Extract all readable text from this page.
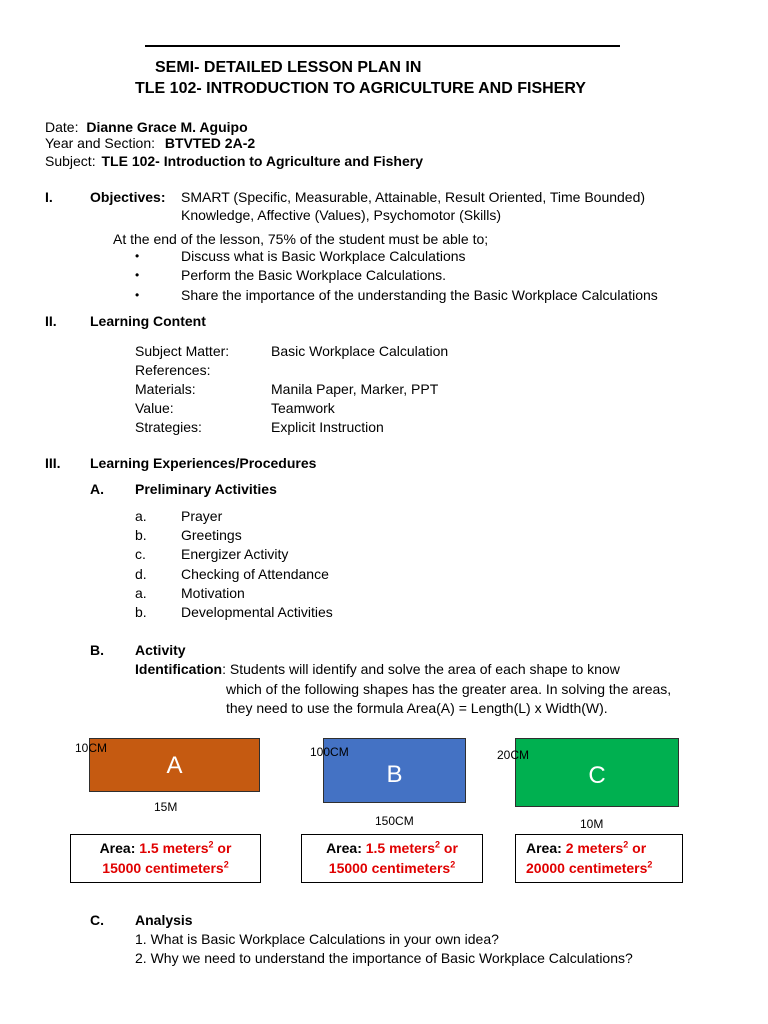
SEMI- DETAILED LESSON PLAN IN
TLE 102- INTRODUCTION TO AGRICULTURE AND FISHERY
Date: Dianne Grace M. Aguipo
Year and Section: BTVTED 2A-2
Subject: TLE 102- Introduction to Agriculture and Fishery
I.	Objectives: SMART (Specific, Measurable, Attainable, Result Oriented, Time Bounded)
Knowledge, Affective (Values), Psychomotor (Skills)
At the end of the lesson, 75% of the student must be able to;
•	Discuss what is Basic Workplace Calculations
•	Perform the Basic Workplace Calculations.
•	Share the importance of the understanding the Basic Workplace Calculations
II. Learning Content
Subject Matter:	Basic Workplace Calculation
References:
Materials:	Manila Paper, Marker, PPT
Value:	Teamwork
Strategies:	Explicit Instruction
III. Learning Experiences/Procedures
A. Preliminary Activities
a. Prayer
b. Greetings
c.	Energizer Activity
d. Checking of Attendance
a. Motivation
b. Developmental Activities
B. Activity
Identification: Students will identify and solve the area of each shape to know
which of the following shapes has the greater area. In solving the areas,
they need to use the formula Area(A) = Length(L) x Width(W).
A
10CM
15M
Area: 1.5 meters$^2$ or
15000 centimeters$^2$
B
100CM
150CM
Area: 1.5 meters$^2$ or
15000 centimeters$^2$
C
20CM
10M
Area: 2 meters$^2$ or
20000 centimeters$^2$
C. Analysis
1. What is Basic Workplace Calculations in your own idea?
2. Why we need to understand the importance of Basic Workplace Calculations?
